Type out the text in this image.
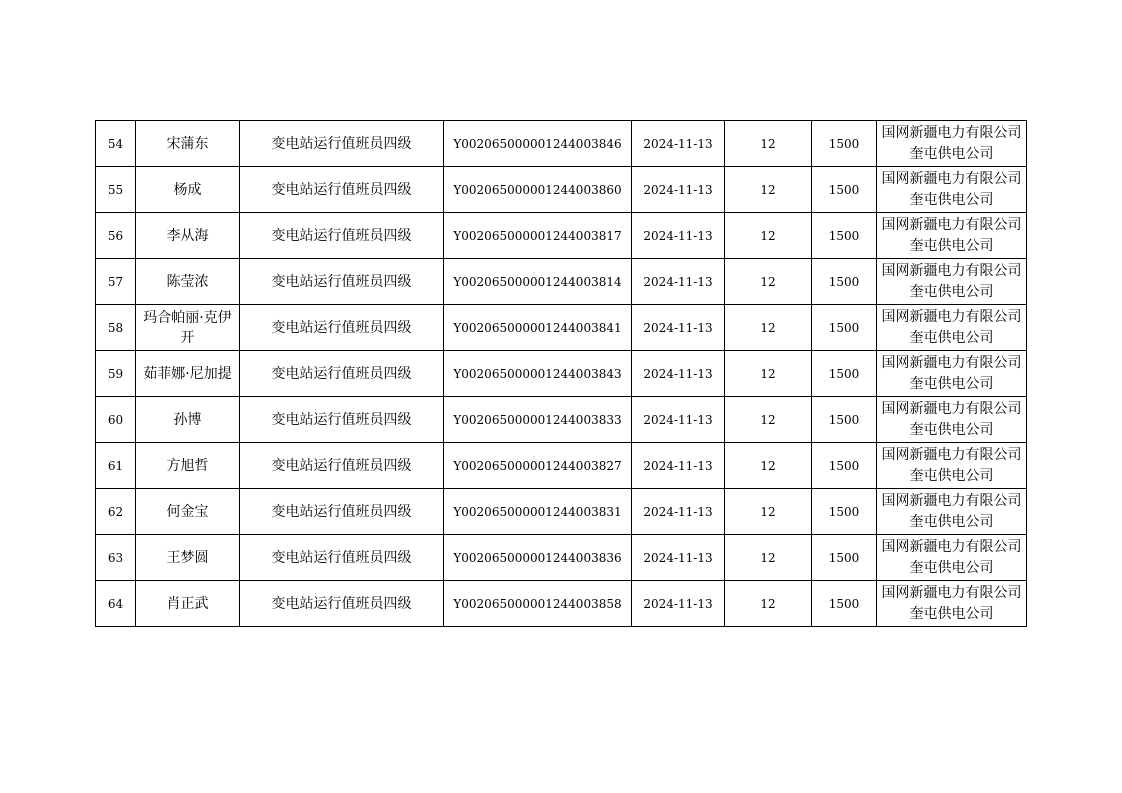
54	宋蒲东	变电站运行值班员四级	Y002065000001244003846	2024-11-13	12	1500	国网新疆电力有限公司奎屯供电公司
55	杨成	变电站运行值班员四级	Y002065000001244003860	2024-11-13	12	1500	国网新疆电力有限公司奎屯供电公司
56	李从海	变电站运行值班员四级	Y002065000001244003817	2024-11-13	12	1500	国网新疆电力有限公司奎屯供电公司
57	陈莹浓	变电站运行值班员四级	Y002065000001244003814	2024-11-13	12	1500	国网新疆电力有限公司奎屯供电公司
58	玛合帕丽·克伊开	变电站运行值班员四级	Y002065000001244003841	2024-11-13	12	1500	国网新疆电力有限公司奎屯供电公司
59	茹菲娜·尼加提	变电站运行值班员四级	Y002065000001244003843	2024-11-13	12	1500	国网新疆电力有限公司奎屯供电公司
60	孙博	变电站运行值班员四级	Y002065000001244003833	2024-11-13	12	1500	国网新疆电力有限公司奎屯供电公司
61	方旭哲	变电站运行值班员四级	Y002065000001244003827	2024-11-13	12	1500	国网新疆电力有限公司奎屯供电公司
62	何金宝	变电站运行值班员四级	Y002065000001244003831	2024-11-13	12	1500	国网新疆电力有限公司奎屯供电公司
63	王梦圆	变电站运行值班员四级	Y002065000001244003836	2024-11-13	12	1500	国网新疆电力有限公司奎屯供电公司
64	肖正武	变电站运行值班员四级	Y002065000001244003858	2024-11-13	12	1500	国网新疆电力有限公司奎屯供电公司
